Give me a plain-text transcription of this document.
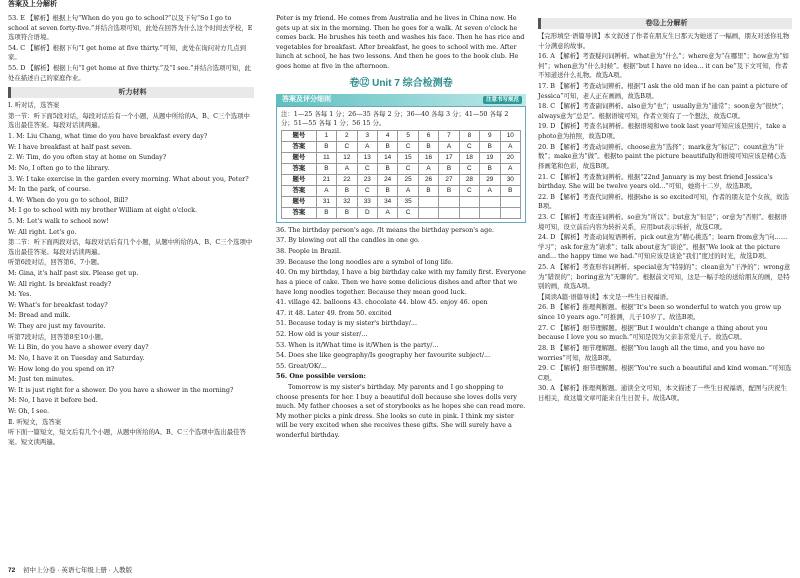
答案及上分解析

53. E 【解析】根据上句“When do you go to school?”以及下句“So I go to school at seven forty-five.”并结合选项可知，此处在回答为什么这个时间去学校，E选项符合语境。

54. C 【解析】根据下句“I get home at five thirty.”可知，此处在询问对方几点到家。

55. D 【解析】根据上句“I get home at five thirty.”及“I see.”并结合选项可知，此处在描述自己的家庭作业。

听力材料

Ⅰ. 听对话，选答案

第一节：听下面5段对话，每段对话后有一个小题，从题中所给的A、B、C三个选项中选出最佳答案。每段对话读两遍。

1. M: Liu Chang, what time do you have breakfast every day?

W: I have breakfast at half past seven.

2. W: Tim, do you often stay at home on Sunday?

M: No, I often go to the library.

3. W: I take exercise in the garden every morning. What about you, Peter?

M: In the park, of course.

4. W: When do you go to school, Bill?

M: I go to school with my brother William at eight o'clock.

5. M: Let's walk to school now!

W: All right. Let's go.

第二节：听下面两段对话，每段对话后有几个小题，从题中所给的A、B、C三个选项中选出最佳答案。每段对话读两遍。

听第6段对话，回答第6、7小题。

M: Gina, it's half past six. Please get up.

W: All right. Is breakfast ready?

M: Yes.

W: What's for breakfast today?

M: Bread and milk.

W: They are just my favourite.

听第7段对话，回答第8至10小题。

W: Li Bin, do you have a shower every day?

M: No, I have it on Tuesday and Saturday.

W: How long do you spend on it?

M: Just ten minutes.

W: It is just right for a shower. Do you have a shower in the morning?

M: No, I have it before bed.

W: Oh, I see.

Ⅱ. 听短文，选答案

听下面一篇短文，短文后有几个小题，从题中所给的A、B、C三个选项中选出最佳答案。短文读两遍。

Peter is my friend. He comes from Australia and he lives in China now. He gets up at six in the morning. Then he goes for a walk. At seven o'clock he comes back. He brushes his teeth and washes his face. Then he has rice and vegetables for breakfast. After breakfast, he goes to school with me. After lunch at school, he has two lessons. And then he goes to the book club. He goes home at five in the afternoon.

卷⑫ Unit 7 综合检测卷
答案及评分细则	注意书写规范

注：1—25 各每 1 分；26—35 各每 2 分；36—40 各每 3 分；41—50 各每 2 分；51—55 各每 1 分；56 15 分。

题号	1	2	3	4	5	6	7	8	9	10
答案	B	C	A	B	C	B	A	C	B	A
题号	11	12	13	14	15	16	17	18	19	20
答案	B	A	C	B	C	A	B	C	B	A
题号	21	22	23	24	25	26	27	28	29	30
答案	A	B	C	B	A	B	B	C	A	B
题号	31	32	33	34	35					
答案	B	B	D	A	C					

36. The birthday person's age. /It means the birthday person's age.

37. By blowing out all the candles in one go.

38. People in Brazil.

39. Because the long noodles are a symbol of long life.

40. On my birthday, I have a big birthday cake with my family first. Everyone has a piece of cake. Then we have some delicious dishes and after that we have long noodles together. Because they mean good luck.

41. village 42. balloons 43. chocolate 44. blow 45. enjoy 46. open

47. it 48. Later 49. from 50. excited

51. Because today is my sister's birthday/...

52. How old is your sister/...

53. When is it/What time is it/When is the party/...

54. Does she like geography/Is geography her favourite subject/...

55. Great/OK/...

56. One possible version:

Tomorrow is my sister's birthday. My parents and I go shopping to choose presents for her. I buy a beautiful doll because she loves dolls very much. My father chooses a set of storybooks as he hopes she can read more. My mother picks a pink dress. She looks so cute in pink. I think my sister will be very excited when she receives these gifts. She will surely have a wonderful birthday.

卷⑫上分解析

【完形填空·语篇导读】本文叙述了作者在朋友生日那天为她送了一幅画，朋友对送你礼物十分满意的故事。

16. A 【解析】考查疑问词辨析。what意为“什么”；where意为“在哪里”；how意为“如何”；when意为“什么时候”。根据“but I have no idea... it can be”及下文可知，作者不知道送什么礼物。故选A项。

17. B 【解析】考查动词辨析。根据“I ask the old man if he can paint a picture of Jessica”可知，老人正在画画，故选B项。

18. C 【解析】考查副词辨析。also意为“也”；usually意为“通常”；soon意为“很快”；always意为“总是”。根据语境可知，作者立刻有了一个想法，故选C项。

19. D 【解析】考查名词辨析。根据语境和we took last year可知应该是照片，take a photo意为拍照，故选D项。

20. B 【解析】考查动词辨析。choose意为“选择”；mark意为“标记”；count意为“计数”；make意为“做”。根据to paint the picture beautifully和语境可知应该是精心选择画笔和色彩，故选B项。

21. C 【解析】考查数词辨析。根据“22nd January is my best friend Jessica's birthday. She will be twelve years old...”可知，她将十二岁，故选B项。

22. B 【解析】考查代词辨析。根据she is so excited可知，作者的朋友是个女孩，故选B项。

23. C 【解析】考查连词辨析。so意为“所以”；but意为“但是”；or意为“否则”。根据语境可知，设立前后内容为转折关系，应用but表示转折，故选C项。

24. D 【解析】考查动词短语辨析。pick out意为“精心挑选”；learn from意为“向……学习”；ask for意为“请求”；talk about意为“谈论”。根据“We look at the picture and... the happy time we had.”可知应该是谈论“我们”度过的时光，故选D项。

25. A 【解析】考查形容词辨析。special意为“特别的”；clean意为“干净的”；wrong意为“错误的”；boring意为“无聊的”。根据前文可知，这是一幅手绘的送给朋友的画，是特别的画，故选A项。

【阅读A篇·语篇导读】本文是一些生日祝福语。

26. B 【解析】推理判断题。根据“It's been so wonderful to watch you grow up since 10 years ago.”可推测，儿子10岁了。故选B项。

27. C 【解析】细节理解题。根据“But I wouldn't change a thing about you because I love you so much.”可知是因为父亲非常爱儿子。故选C项。

28. B 【解析】细节理解题。根据“You laugh all the time, and you have no worries”可知，故选B项。

29. C 【解析】细节理解题。根据“You're such a beautiful and kind woman.”可知选C项。

30. A 【解析】推理判断题。通读全文可知，本文描述了一些生日祝福语，配图与庆祝生日相关，故这篇文章可能来自生日贺卡。故选A项。

72 初中上分卷 · 英语七年级上册 · 人教版
